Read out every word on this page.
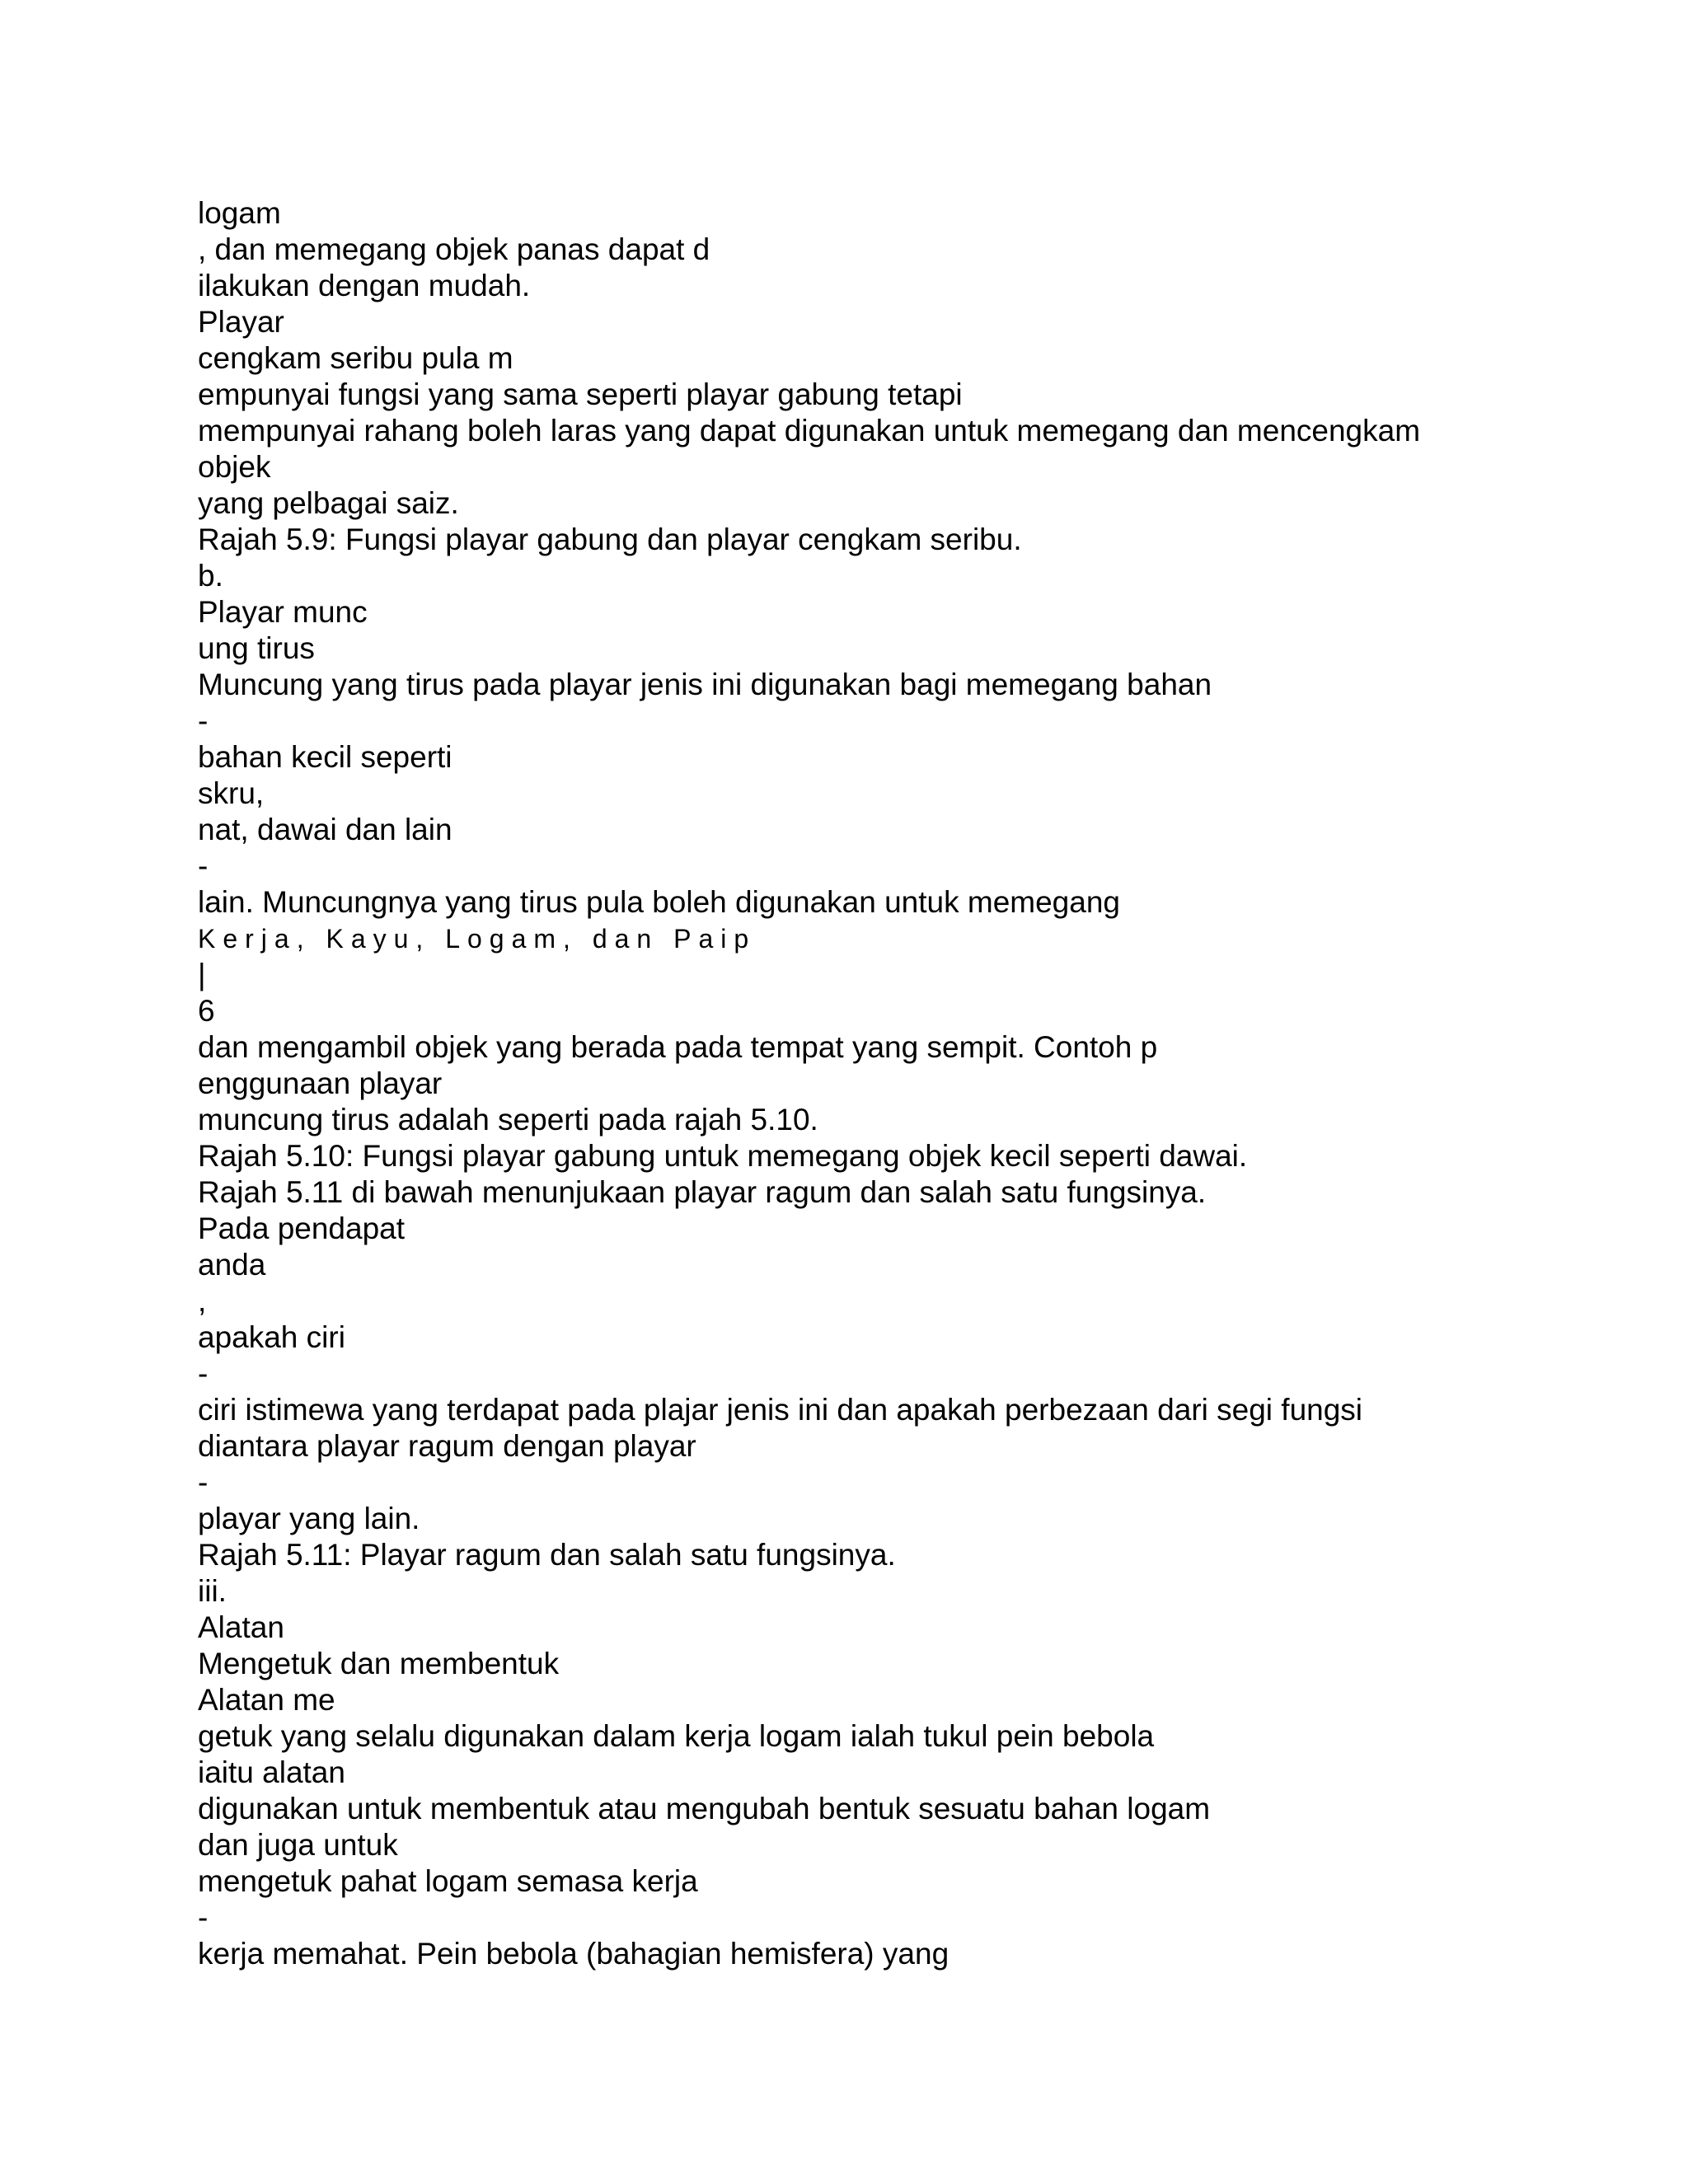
logam
, dan memegang objek panas dapat d
ilakukan dengan mudah.
Playar
cengkam seribu pula m
empunyai fungsi yang sama seperti playar gabung tetapi
mempunyai rahang boleh laras yang dapat digunakan untuk memegang dan mencengkam
objek
yang pelbagai saiz.
Rajah 5.9: Fungsi playar gabung dan playar cengkam seribu.
b.
Playar munc
ung tirus
Muncung yang tirus pada playar jenis ini digunakan bagi memegang bahan
-
bahan kecil seperti
skru,
nat, dawai dan lain
-
lain. Muncungnya yang tirus pula boleh digunakan untuk memegang
Kerja, Kayu, Logam, dan Paip
|
6
dan mengambil objek yang berada pada tempat yang sempit. Contoh p
enggunaan playar
muncung tirus adalah seperti pada rajah 5.10.
Rajah 5.10: Fungsi playar gabung untuk memegang objek kecil seperti dawai.
Rajah 5.11 di bawah menunjukaan playar ragum dan salah satu fungsinya.
Pada pendapat
anda
,
apakah ciri
-
ciri istimewa yang terdapat pada plajar jenis ini dan apakah perbezaan dari segi fungsi
diantara playar ragum dengan playar
-
playar yang lain.
Rajah 5.11: Playar ragum dan salah satu fungsinya.
iii.
Alatan
Mengetuk dan membentuk
Alatan me
getuk yang selalu digunakan dalam kerja logam ialah tukul pein bebola
iaitu alatan
digunakan untuk membentuk atau mengubah bentuk sesuatu bahan logam
dan juga untuk
mengetuk pahat logam semasa kerja
-
kerja memahat. Pein bebola (bahagian hemisfera) yang
